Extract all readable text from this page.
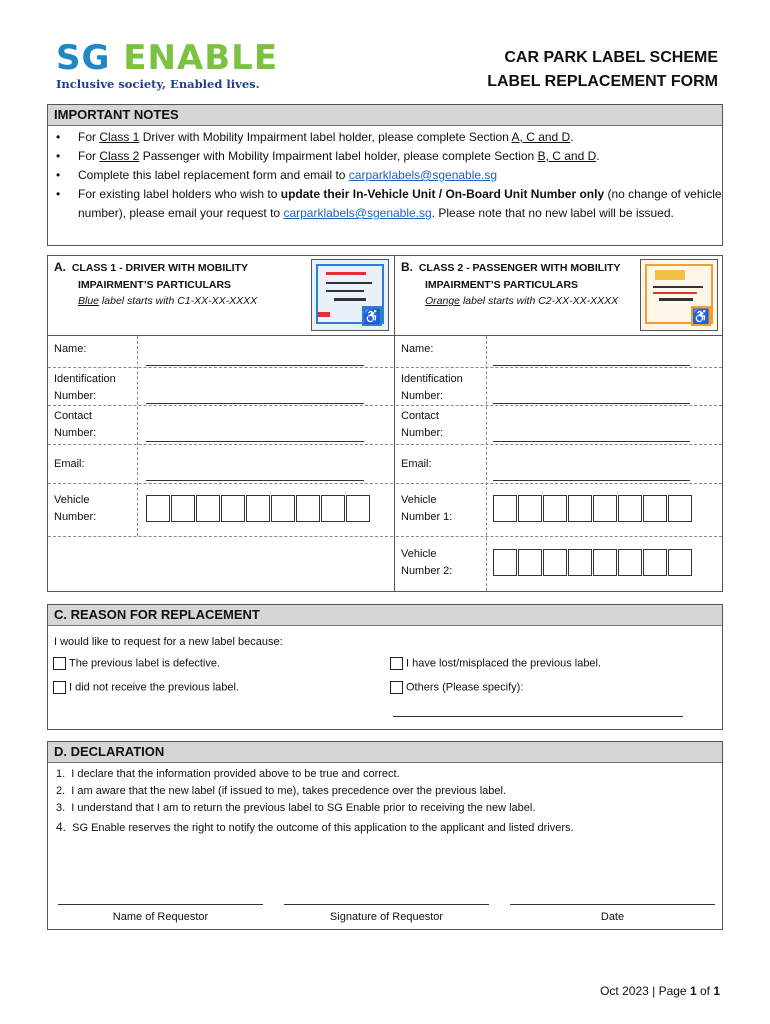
SG ENABLE
Inclusive society, Enabled lives.
CAR PARK LABEL SCHEME
LABEL REPLACEMENT FORM
IMPORTANT NOTES
• For Class 1 Driver with Mobility Impairment label holder, please complete Section A, C and D.
• For Class 2 Passenger with Mobility Impairment label holder, please complete Section B, C and D.
• Complete this label replacement form and email to carparklabels@sgenable.sg
• For existing label holders who wish to update their In-Vehicle Unit / On-Board Unit Number only (no change of vehicle number), please email your request to carparklabels@sgenable.sg. Please note that no new label will be issued.
A. CLASS 1 - DRIVER WITH MOBILITY
IMPAIRMENT’S PARTICULARS
Blue label starts with C1-XX-XX-XXXX
♿
B. CLASS 2 - PASSENGER WITH MOBILITY
IMPAIRMENT’S PARTICULARS
Orange label starts with C2-XX-XX-XXXX
♿
Name:
Identification
Number:
Contact
Number:
Email:
Vehicle
Number:
Name:
Identification
Number:
Contact
Number:
Email:
Vehicle
Number 1:
Vehicle
Number 2:
C. REASON FOR REPLACEMENT
I would like to request for a new label because:
The previous label is defective.	I have lost/misplaced the previous label.
I did not receive the previous label.	Others (Please specify):
D. DECLARATION
1.  I declare that the information provided above to be true and correct.
2.  I am aware that the new label (if issued to me), takes precedence over the previous label.
3.  I understand that I am to return the previous label to SG Enable prior to receiving the new label.
4. SG Enable reserves the right to notify the outcome of this application to the applicant and listed drivers.
Name of Requestor	Signature of Requestor	Date
Oct 2023 | Page 1 of 1
